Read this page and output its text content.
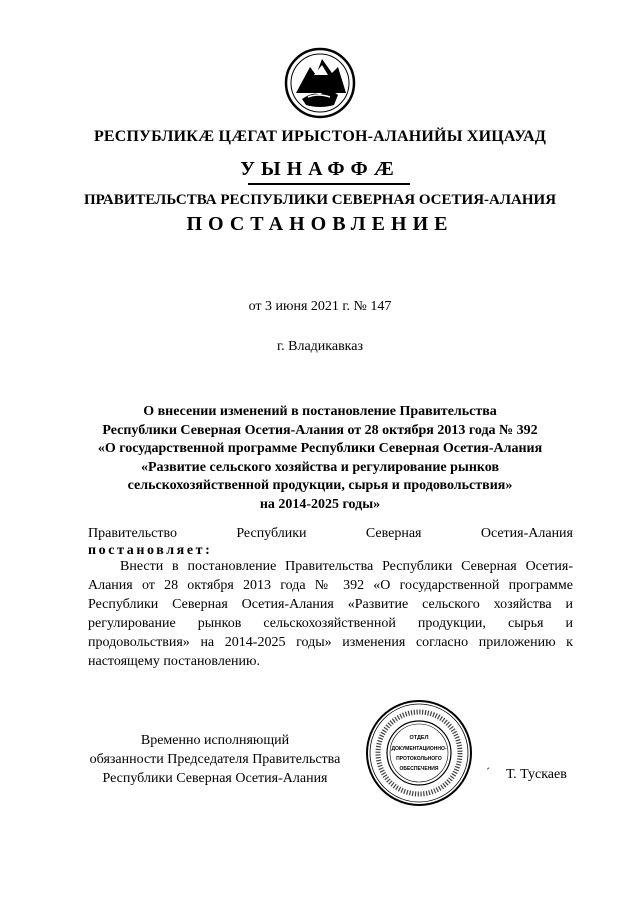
РЕСПУБЛИКÆ ЦÆГАТ ИРЫСТОН-АЛАНИЙЫ ХИЦАУАД
УЫНАФФÆ
ПРАВИТЕЛЬСТВА РЕСПУБЛИКИ СЕВЕРНАЯ ОСЕТИЯ-АЛАНИЯ
ПОСТАНОВЛЕНИЕ
от 3 июня 2021 г. № 147
г. Владикавказ
О внесении изменений в постановление Правительства
Республики Северная Осетия-Алания от 28 октября 2013 года № 392
«О государственной программе Республики Северная Осетия-Алания
«Развитие сельского хозяйства и регулирование рынков
сельскохозяйственной продукции, сырья и продовольствия»
на 2014-2025 годы»
Правительство Республики Северная Осетия-Алания
постановляет:
Внести в постановление Правительства Республики Северная Осетия-Алания от 28 октября 2013 года № 392 «О государственной программе Республики Северная Осетия-Алания «Развитие сельского хозяйства и регулирование рынков сельскохозяйственной продукции, сырья и продовольствия» на 2014-2025 годы» изменения согласно приложению к настоящему постановлению.
Временно исполняющий
обязанности Председателя Правительства
Республики Северная Осетия-Алания
ОТДЕЛ
ДОКУМЕНТАЦИОННО-
ПРОТОКОЛЬНОГО
ОБЕСПЕЧЕНИЯ	ˊ Т. Тускаев
